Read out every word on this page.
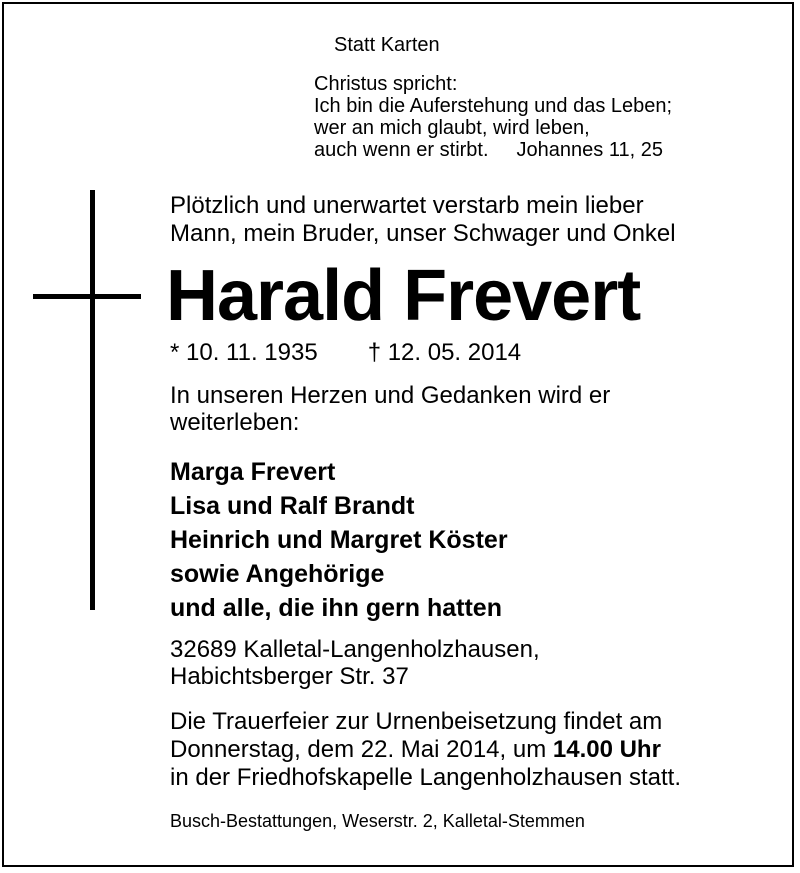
Statt Karten
Christus spricht:
Ich bin die Auferstehung und das Leben;
wer an mich glaubt, wird leben,
auch wenn er stirbt. Johannes 11, 25
Plötzlich und unerwartet verstarb mein lieber
Mann, mein Bruder, unser Schwager und Onkel
Harald Frevert
* 10. 11. 1935 † 12. 05. 2014
In unseren Herzen und Gedanken wird er
weiterleben:
Marga Frevert
Lisa und Ralf Brandt
Heinrich und Margret Köster
sowie Angehörige
und alle, die ihn gern hatten
32689 Kalletal-Langenholzhausen,
Habichtsberger Str. 37
Die Trauerfeier zur Urnenbeisetzung findet am
Donnerstag, dem 22. Mai 2014, um 14.00 Uhr
in der Friedhofskapelle Langenholzhausen statt.
Busch-Bestattungen, Weserstr. 2, Kalletal-Stemmen
